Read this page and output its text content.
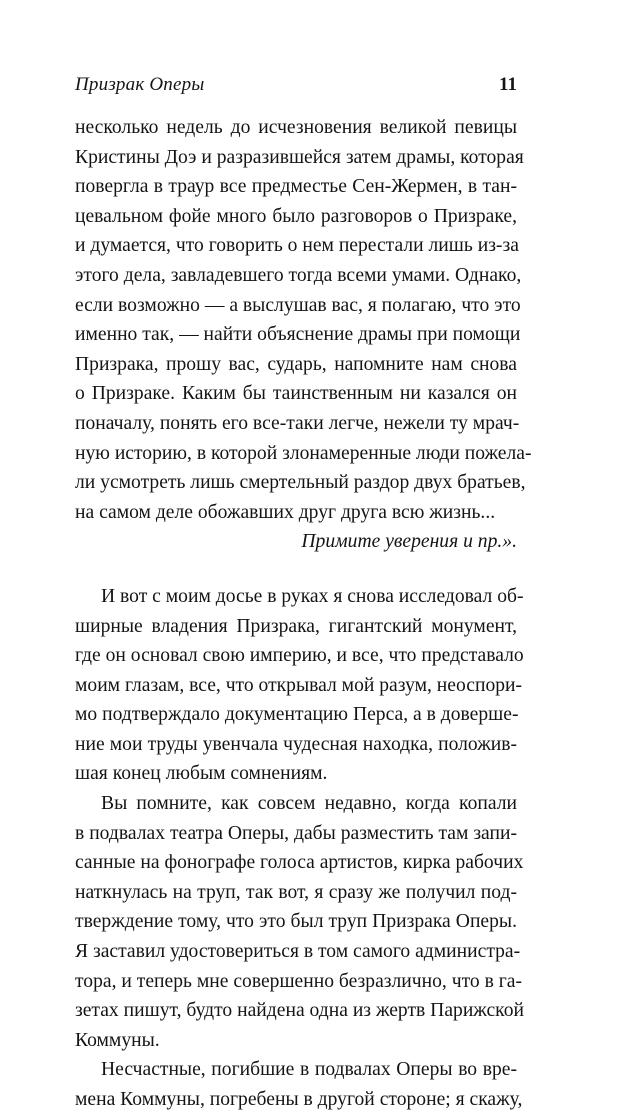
Призрак Оперы	11
несколько недель до исчезновения великой певицы
Кристины Доэ и разразившейся затем драмы, которая
повергла в траур все предместье Сен-Жермен, в тан-
цевальном фойе много было разговоров о Призраке,
и думается, что говорить о нем перестали лишь из-за
этого дела, завладевшего тогда всеми умами. Однако,
если возможно — а выслушав вас, я полагаю, что это
именно так, — найти объяснение драмы при помощи
Призрака, прошу вас, сударь, напомните нам снова
о Призраке. Каким бы таинственным ни казался он
поначалу, понять его все-таки легче, нежели ту мрач-
ную историю, в которой злонамеренные люди пожела-
ли усмотреть лишь смертельный раздор двух братьев,
на самом деле обожавших друг друга всю жизнь...
Примите уверения и пр.».
И вот с моим досье в руках я снова исследовал об-
ширные владения Призрака, гигантский монумент,
где он основал свою империю, и все, что представало
моим глазам, все, что открывал мой разум, неоспори-
мо подтверждало документацию Перса, а в довершe-
ние мои труды увенчала чудесная находка, положив-
шая конец любым сомнениям.
Вы помните, как совсем недавно, когда копали
в подвалах театра Оперы, дабы разместить там запи-
санные на фонографе голоса артистов, кирка рабочих
наткнулась на труп, так вот, я сразу же получил под-
тверждение тому, что это был труп Призрака Оперы.
Я заставил удостовериться в том самого администра-
тора, и теперь мне совершенно безразлично, что в га-
зетах пишут, будто найдена одна из жертв Парижской
Коммуны.
Несчастные, погибшие в подвалах Оперы во вре-
мена Коммуны, погребены в другой стороне; я скажу,
